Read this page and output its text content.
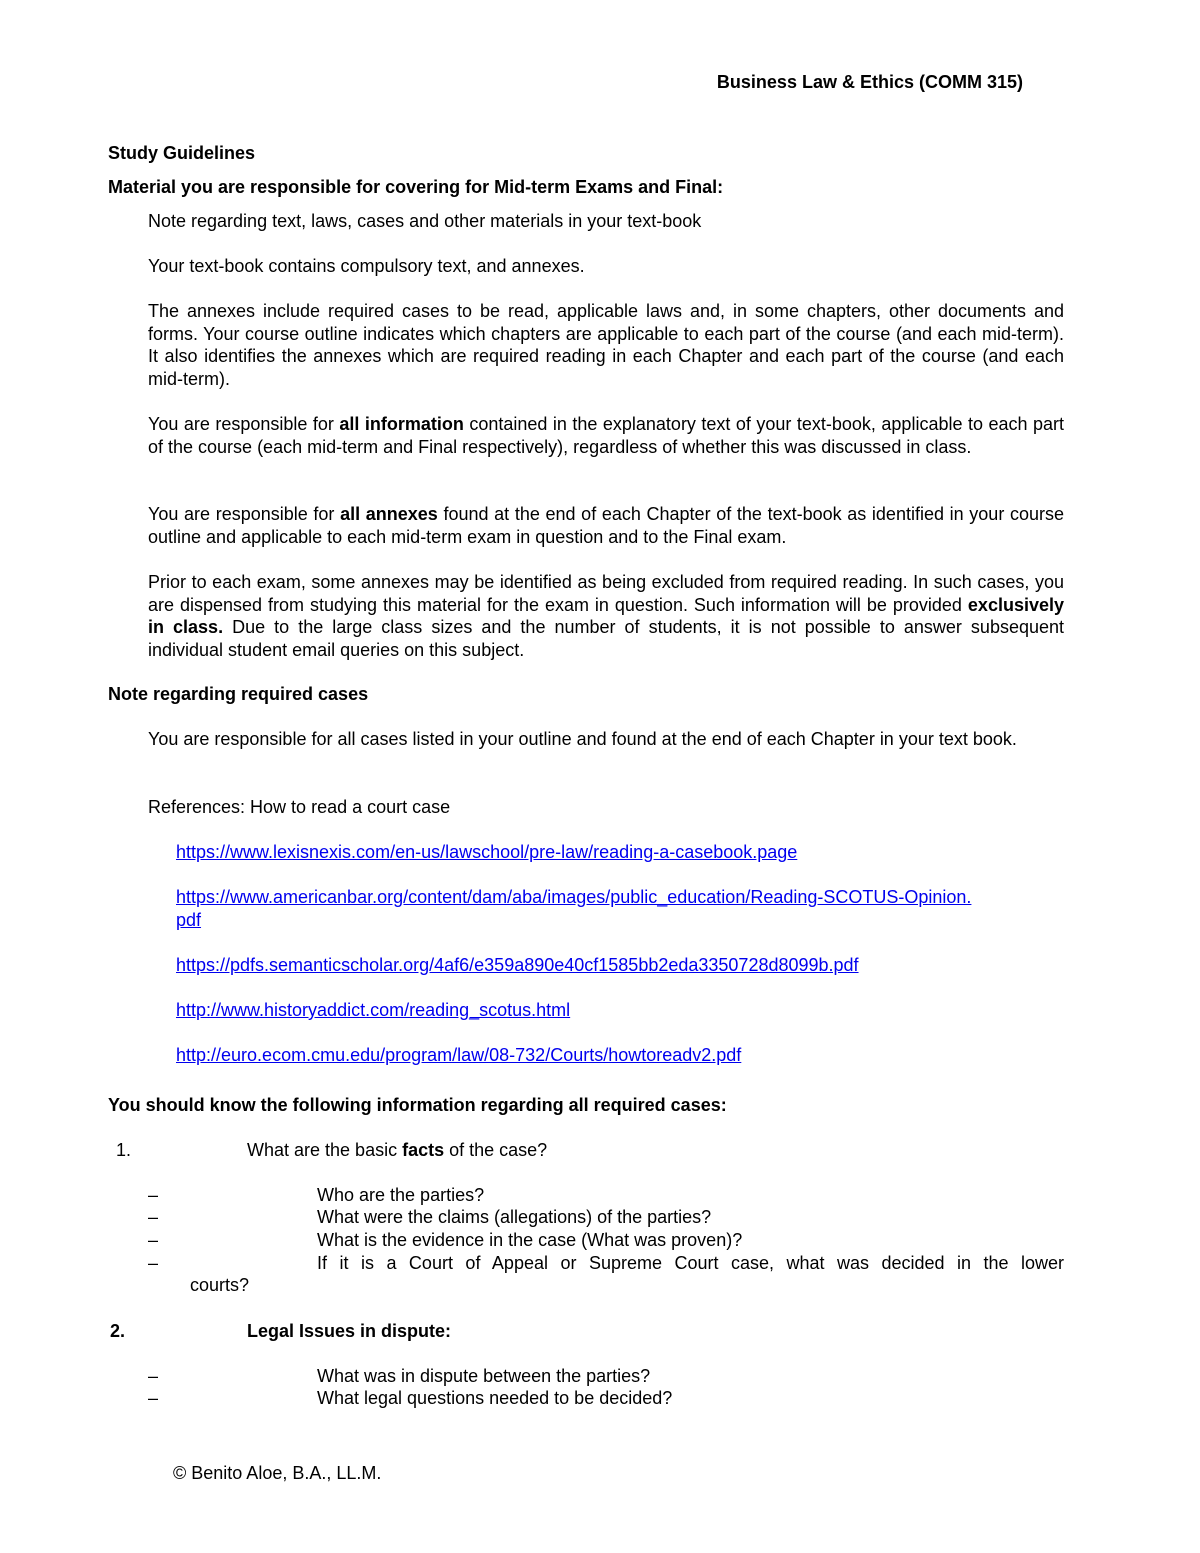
Business Law & Ethics (COMM 315)
Study Guidelines
Material you are responsible for covering for Mid-term Exams and Final:
Note regarding text, laws, cases and other materials in your text-book
Your text-book contains compulsory text, and annexes.
The annexes include required cases to be read, applicable laws and, in some chapters, other documents and forms. Your course outline indicates which chapters are applicable to each part of the course (and each mid-term). It also identifies the annexes which are required reading in each Chapter and each part of the course (and each mid-term).
You are responsible for all information contained in the explanatory text of your text-book, applicable to each part of the course (each mid-term and Final respectively), regardless of whether this was discussed in class.
You are responsible for all annexes found at the end of each Chapter of the text-book as identified in your course outline and applicable to each mid-term exam in question and to the Final exam.
Prior to each exam, some annexes may be identified as being excluded from required reading. In such cases, you are dispensed from studying this material for the exam in question. Such information will be provided exclusively in class. Due to the large class sizes and the number of students, it is not possible to answer subsequent individual student email queries on this subject.
Note regarding required cases
You are responsible for all cases listed in your outline and found at the end of each Chapter in your text book.
References: How to read a court case
https://www.lexisnexis.com/en-us/lawschool/pre-law/reading-a-casebook.page
https://www.americanbar.org/content/dam/aba/images/public_education/Reading-SCOTUS-Opinion.pdf
https://pdfs.semanticscholar.org/4af6/e359a890e40cf1585bb2eda3350728d8099b.pdf
http://www.historyaddict.com/reading_scotus.html
http://euro.ecom.cmu.edu/program/law/08-732/Courts/howtoreadv2.pdf
You should know the following information regarding all required cases:
1.	What are the basic facts of the case?
–	Who are the parties?
–	What were the claims (allegations) of the parties?
–	What is the evidence in the case (What was proven)?
–	If it is a Court of Appeal or Supreme Court case, what was decided in the lower
courts?
2.	Legal Issues in dispute:
–	What was in dispute between the parties?
–	What legal questions needed to be decided?
© Benito Aloe, B.A., LL.M.
